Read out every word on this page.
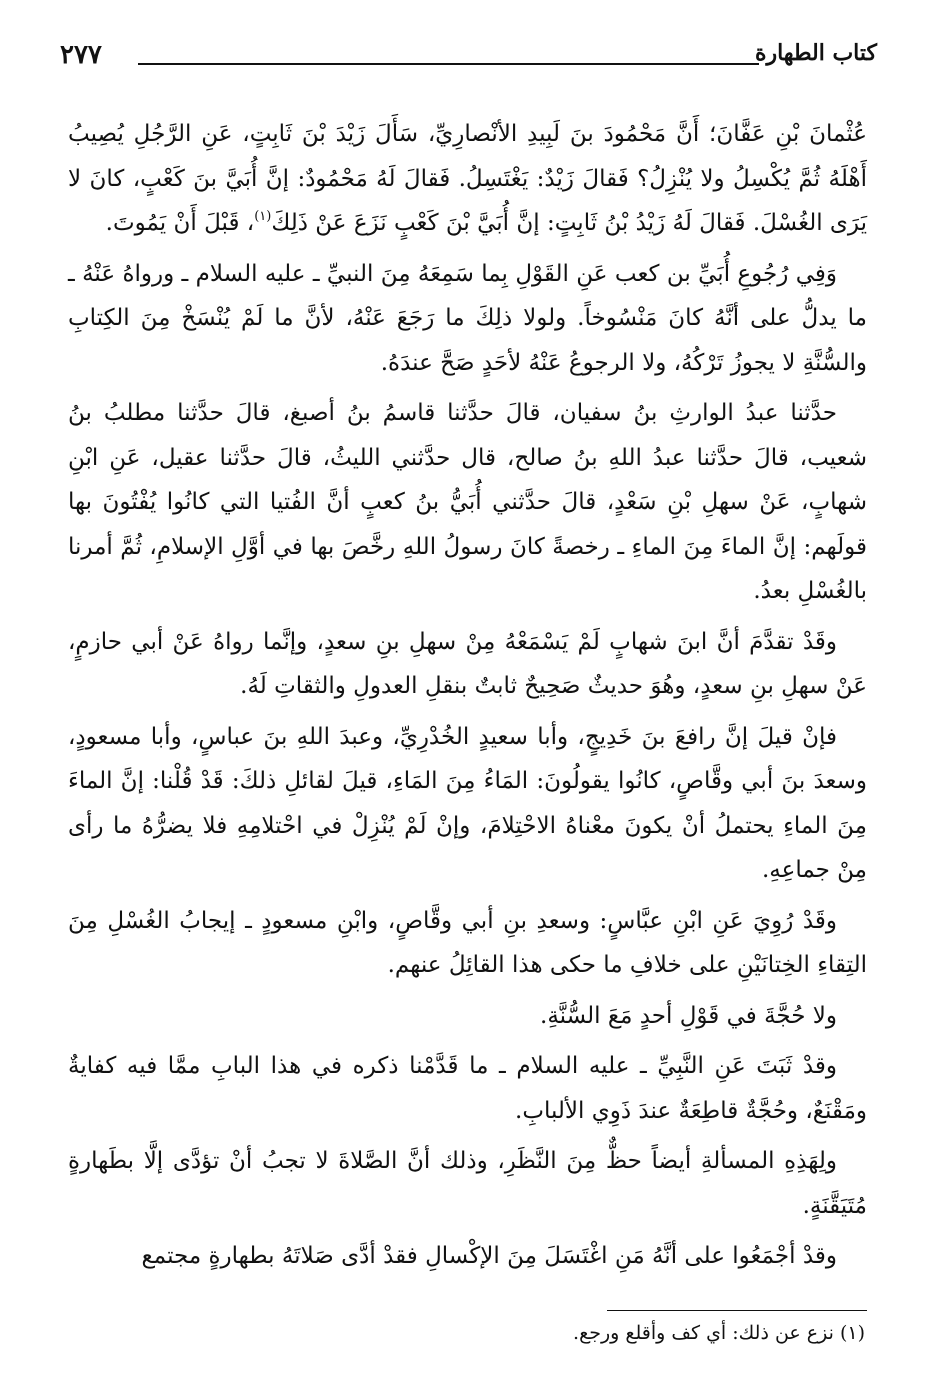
٢٧٧	كتاب الطهارة

عُثْمانَ بْنِ عَفَّانَ؛ أَنَّ مَحْمُودَ بنَ لَبِيدِ الأنْصارِيِّ، سَأَلَ زَيْدَ بْنَ ثَابِتٍ، عَنِ الرَّجُلِ يُصِيبُ أَهْلَهُ ثُمَّ يُكْسِلُ ولا يُنْزِلُ؟ فَقالَ زَيْدٌ: يَغْتَسِلُ. فَقالَ لَهُ مَحْمُودٌ: إنَّ أُبَيَّ بنَ كَعْبٍ، كانَ لا يَرَى الغُسْلَ. فَقالَ لَهُ زَيْدُ بْنُ ثَابِتٍ: إنَّ أُبَيَّ بْنَ كَعْبٍ نَزَعَ عَنْ ذَلِكَ$^{(١)}$، قَبْلَ أَنْ يَمُوتَ.

وَفِي رُجُوعِ أُبَيِّ بن كعب عَنِ القَوْلِ بِما سَمِعَهُ مِنَ النبيِّ ـ عليه السلام ـ ورواهُ عَنْهُ ـ ما يدلُّ على أنَّهُ كانَ مَنْسُوخاً. ولولا ذلِكَ ما رَجَعَ عَنْهُ، لأنَّ ما لَمْ يُنْسَخْ مِنَ الكِتابِ والسُّنَّةِ لا يجوزُ تَرْكُهُ، ولا الرجوعُ عَنْهُ لأحَدٍ صَحَّ عندَهُ.

حدَّثنا عبدُ الوارثِ بنُ سفيان، قالَ حدَّثنا قاسمُ بنُ أصبغ، قالَ حدَّثنا مطلبُ بنُ شعيب، قالَ حدَّثنا عبدُ اللهِ بنُ صالح، قال حدَّثني الليثُ، قالَ حدَّثنا عقيل، عَنِ ابْنِ شهابٍ، عَنْ سهلِ بْنِ سَعْدٍ، قالَ حدَّثني أُبَيُّ بنُ كعبٍ أنَّ الفُتيا التي كانُوا يُفْتُونَ بها قولَهم: إنَّ الماءَ مِنَ الماءِ ـ رخصةً كانَ رسولُ اللهِ رخَّصَ بها في أوَّلِ الإسلامِ، ثُمَّ أمرنا بالغُسْلِ بعدُ.

وقَدْ تقدَّمَ أنَّ ابنَ شهابٍ لَمْ يَسْمَعْهُ مِنْ سهلِ بنِ سعدٍ، وإنَّما رواهُ عَنْ أبي حازمٍ، عَنْ سهلِ بنِ سعدٍ، وهُوَ حديثٌ صَحِيحٌ ثابتٌ بنقلِ العدولِ والثقاتِ لَهُ.

فإنْ قيلَ إنَّ رافعَ بنَ خَدِيجٍ، وأبا سعيدٍ الخُدْرِيِّ، وعبدَ اللهِ بنَ عباسٍ، وأبا مسعودٍ، وسعدَ بنَ أبي وقَّاصٍ، كانُوا يقولُونَ: المَاءُ مِنَ المَاءِ، قيلَ لقائلِ ذلكَ: قَدْ قُلْنا: إنَّ الماءَ مِنَ الماءِ يحتملُ أنْ يكونَ معْناهُ الاحْتِلامَ، وإنْ لَمْ يُنْزِلْ في احْتلامِهِ فلا يضرُّهُ ما رأى مِنْ جماعِهِ.

وقَدْ رُوِيَ عَنِ ابْنِ عبَّاسٍ: وسعدِ بنِ أبي وقَّاصٍ، وابْنِ مسعودٍ ـ إيجابُ الغُسْلِ مِنَ التِقاءِ الخِتانَيْنِ على خلافِ ما حكى هذا القائِلُ عنهم.

ولا حُجَّةَ في قَوْلِ أحدٍ مَعَ السُّنَّةِ.

وقدْ ثَبَتَ عَنِ النَّبِيِّ ـ عليه السلام ـ ما قَدَّمْنا ذكره في هذا البابِ ممَّا فيه كفايةٌ ومَقْنَعٌ، وحُجَّةٌ قاطِعَةٌ عندَ ذَوِي الألبابِ.

ولِهَذِهِ المسألةِ أيضاً حظٌّ مِنَ النَّظَرِ، وذلك أنَّ الصَّلاةَ لا تجبُ أنْ تؤدَّى إلَّا بطَهارةٍ مُتَيَقَّنَةٍ.

وقدْ أجْمَعُوا على أنَّهُ مَنِ اغْتَسَلَ مِنَ الإكْسالِ فقدْ أدَّى صَلاتَهُ بطهارةٍ مجتمع

(١) نزع عن ذلك: أي كف وأقلع ورجع.
